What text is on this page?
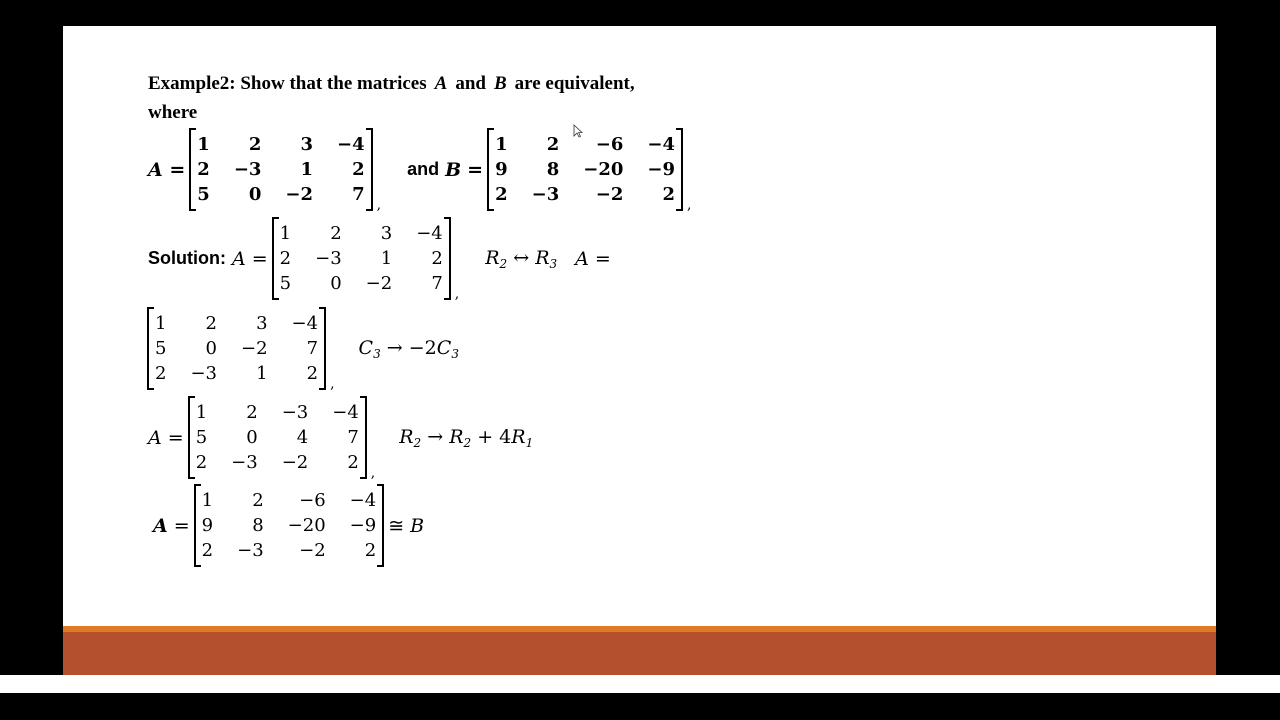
Example2: Show that the matrices A and B are equivalent,
where
A =
1	2	3	−4
2	−3	1	2
5	0	−2	7 ,
and B =
1	2	−6	−4
9	8	−20	−9
2	−3	−2	2 ,
Solution: A =
1	2	3	−4
2	−3	1	2
5	0	−2	7 ,
$R_2$ ↔ $R_3$ A =
1	2	3	−4
5	0	−2	7
2	−3	1	2 ,
$C_3 \to -2C_3$
A =
1	2	−3	−4
5	0	4	7
2	−3	−2	2 ,
$R_2 \to R_2 + 4R_1$
A =
1	2	−6	−4
9	8	−20	−9
2	−3	−2	2
≅ B
